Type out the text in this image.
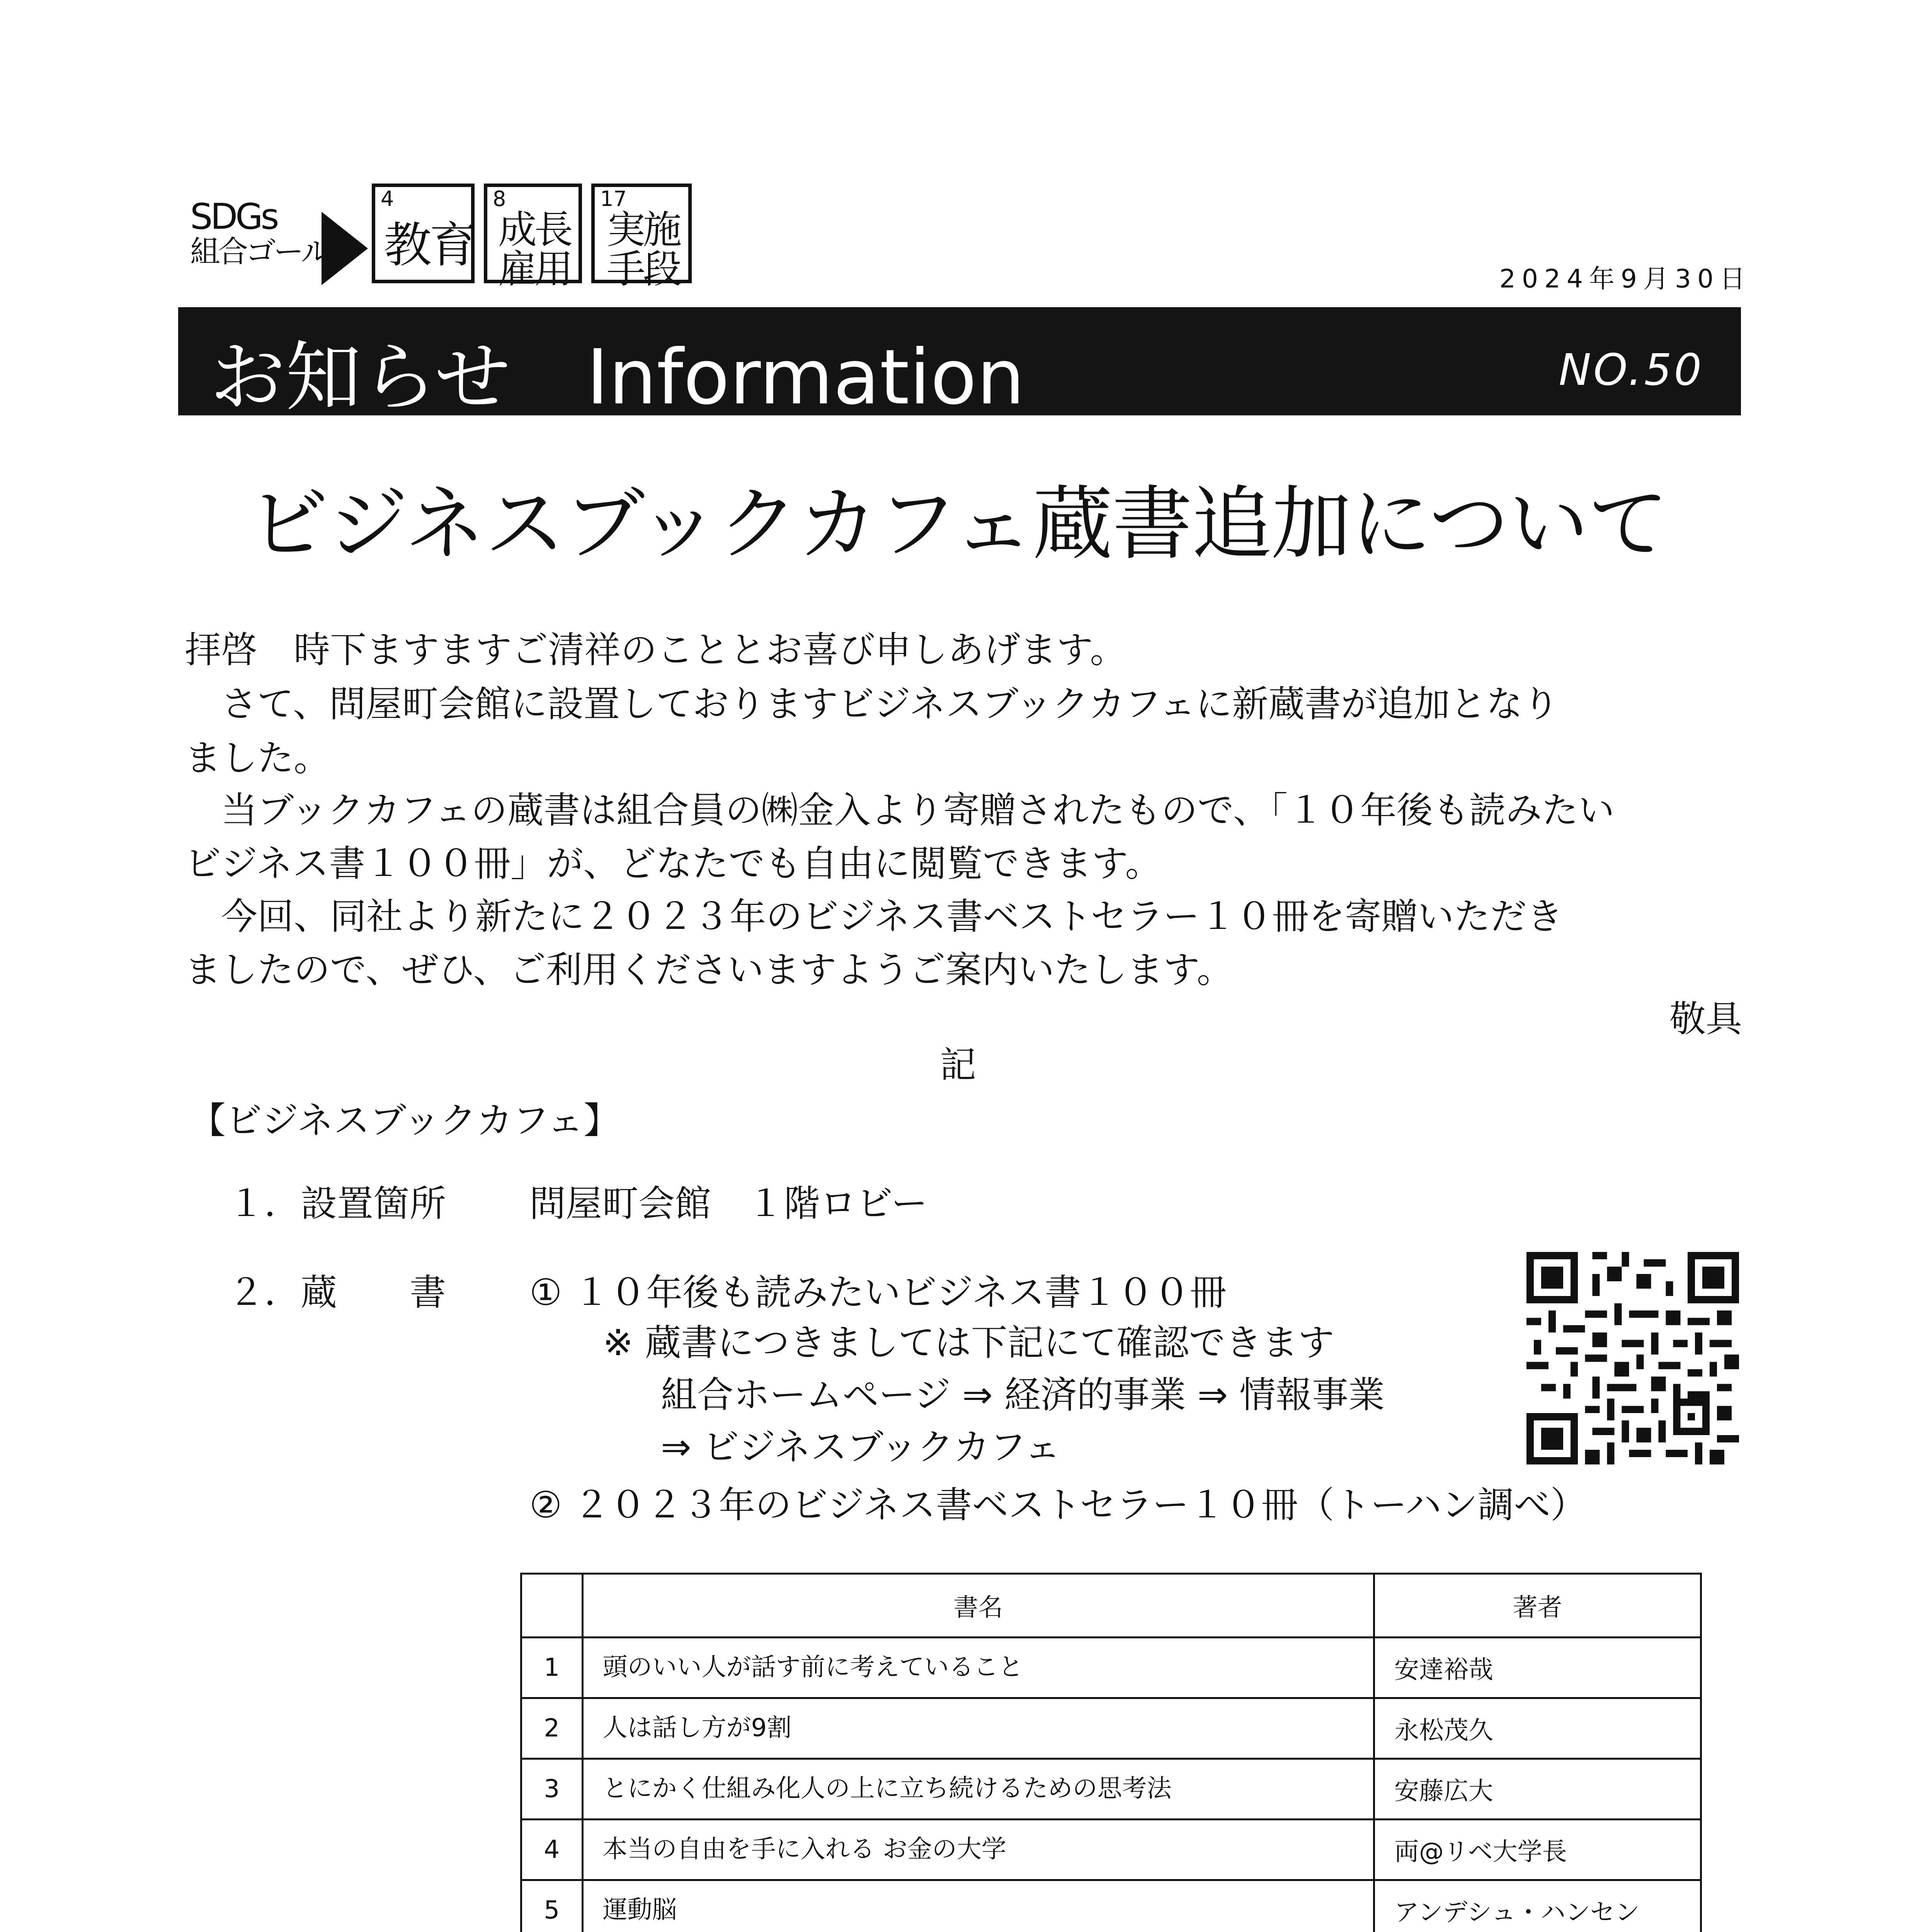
SDGs
組合ゴール
4
教育
8
成長
雇用
17
実施
手段	2024年9月30日
お知らせ　Information	NO.50
ビジネスブックカフェ蔵書追加について
拝啓　時下ますますご清祥のこととお喜び申しあげます。
　さて、問屋町会館に設置しておりますビジネスブックカフェに新蔵書が追加となり
ました。
　当ブックカフェの蔵書は組合員の㈱金入より寄贈されたもので、「１０年後も読みたい
ビジネス書１００冊」が、どなたでも自由に閲覧できます。
　今回、同社より新たに２０２３年のビジネス書ベストセラー１０冊を寄贈いただき
ましたので、ぜひ、ご利用くださいますようご案内いたします。
敬具
記
【ビジネスブックカフェ】
１．設置箇所 問屋町会館　１階ロビー
２．蔵　　書 ① １０年後も読みたいビジネス書１００冊
※ 蔵書につきましては下記にて確認できます
組合ホームページ ⇒ 経済的事業 ⇒ 情報事業
⇒ ビジネスブックカフェ
② ２０２３年のビジネス書ベストセラー１０冊（トーハン調べ）
	書名	著者
1	頭のいい人が話す前に考えていること	安達裕哉
2	人は話し方が9割	永松茂久
3	とにかく仕組み化人の上に立ち続けるための思考法	安藤広大
4	本当の自由を手に入れる お金の大学	両@リベ大学長
5	運動脳	アンデシュ・ハンセン
